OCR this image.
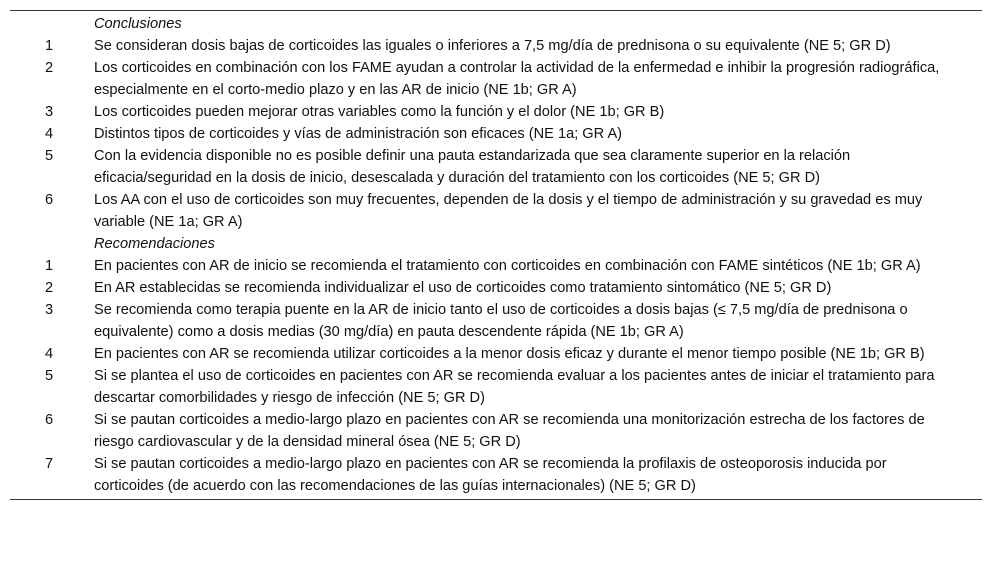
	Conclusiones
1	Se consideran dosis bajas de corticoides las iguales o inferiores a 7,5 mg/día de prednisona o su equivalente (NE 5; GR D)
2	Los corticoides en combinación con los FAME ayudan a controlar la actividad de la enfermedad e inhibir la progresión radiográfica, especialmente en el corto-medio plazo y en las AR de inicio (NE 1b; GR A)
3	Los corticoides pueden mejorar otras variables como la función y el dolor (NE 1b; GR B)
4	Distintos tipos de corticoides y vías de administración son eficaces (NE 1a; GR A)
5	Con la evidencia disponible no es posible definir una pauta estandarizada que sea claramente superior en la relación eficacia/seguridad en la dosis de inicio, desescalada y duración del tratamiento con los corticoides (NE 5; GR D)
6	Los AA con el uso de corticoides son muy frecuentes, dependen de la dosis y el tiempo de administración y su gravedad es muy variable (NE 1a; GR A)
	Recomendaciones
1	En pacientes con AR de inicio se recomienda el tratamiento con corticoides en combinación con FAME sintéticos (NE 1b; GR A)
2	En AR establecidas se recomienda individualizar el uso de corticoides como tratamiento sintomático (NE 5; GR D)
3	Se recomienda como terapia puente en la AR de inicio tanto el uso de corticoides a dosis bajas (≤ 7,5 mg/día de prednisona o equivalente) como a dosis medias (30 mg/día) en pauta descendente rápida (NE 1b; GR A)
4	En pacientes con AR se recomienda utilizar corticoides a la menor dosis eficaz y durante el menor tiempo posible (NE 1b; GR B)
5	Si se plantea el uso de corticoides en pacientes con AR se recomienda evaluar a los pacientes antes de iniciar el tratamiento para descartar comorbilidades y riesgo de infección (NE 5; GR D)
6	Si se pautan corticoides a medio-largo plazo en pacientes con AR se recomienda una monitorización estrecha de los factores de riesgo cardiovascular y de la densidad mineral ósea (NE 5; GR D)
7	Si se pautan corticoides a medio-largo plazo en pacientes con AR se recomienda la profilaxis de osteoporosis inducida por corticoides (de acuerdo con las recomendaciones de las guías internacionales) (NE 5; GR D)
